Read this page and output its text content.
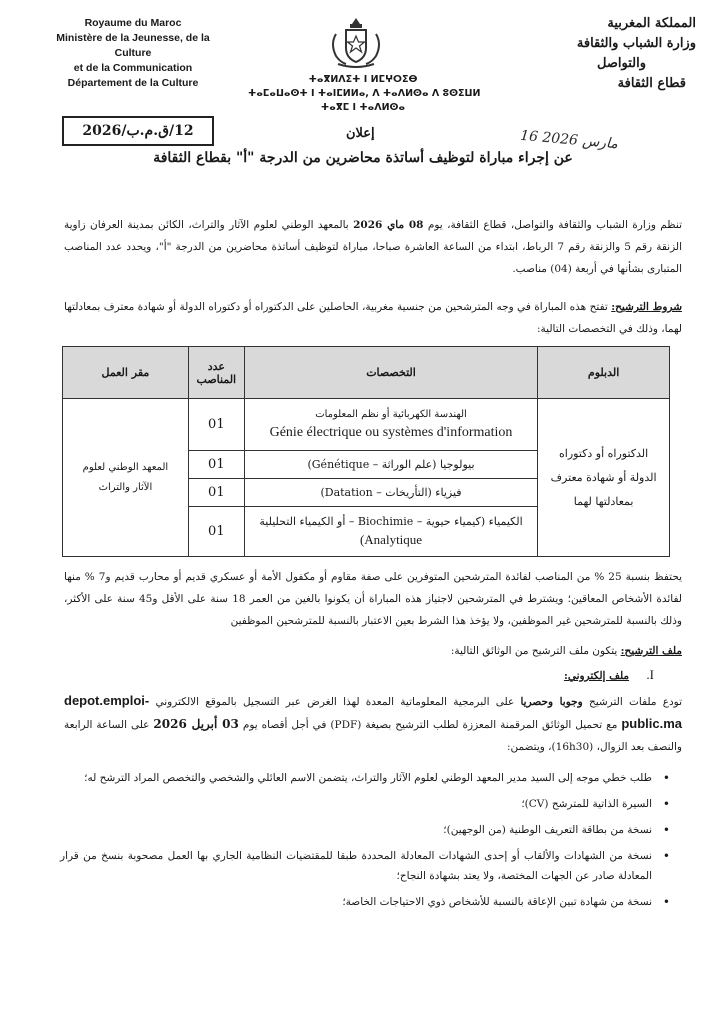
Royaume du Maroc
Ministère de la Jeunesse, de la Culture
et de la Communication
Département de la Culture	ⵜⴰⴳⵍⴷⵉⵜ ⵏ ⵍⵎⵖⵔⵉⴱ
ⵜⴰⵎⴰⵡⴰⵙⵜ ⵏ ⵜⴰⵏⵎⵍⵍⴰ, ⴷ ⵜⴰⴷⵍⵙⴰ ⴷ ⵓⵙⵉⵡⵍ
ⵜⴰⴳⵎ ⵏ ⵜⴰⴷⵍⵙⴰ
المملكة المغربية
وزارة الشباب والثقافة
والتواصل
قطاع الثقافة
12/ق.م.ب/2026	إعلان	16 مارس 2026
عن إجراء مباراة لتوظيف أساتذة محاضرين من الدرجة "أ" بقطاع الثقافة
تنظم وزارة الشباب والثقافة والتواصل، قطاع الثقافة، يوم 08 ماي 2026 بالمعهد الوطني لعلوم الآثار والتراث، الكائن بمدينة العرفان زاوية الزنقة رقم 5 والزنقة رقم 7 الرباط، ابتداء من الساعة العاشرة صباحا، مباراة لتوظيف أساتذة محاضرين من الدرجة "أ"، ويحدد عدد المناصب المتبارى بشأنها في أربعة (04) مناصب.
شروط الترشيح: تفتح هذه المباراة في وجه المترشحين من جنسية مغربية، الحاصلين على الدكتوراه أو دكتوراه الدولة أو شهادة معترف بمعادلتها لهما، وذلك في التخصصات التالية:
الدبلوم	التخصصات	عدد المناصب	مقر العمل
الدكتوراه أو دكتوراه الدولة أو شهادة معترف بمعادلتها لهما	الهندسة الكهربائية أو نظم المعلومات
Génie électrique ou systèmes d'information	01	المعهد الوطني لعلوم الآثار والتراث

	بيولوجيا (علم الوراثة – Génétique)	01	

	فيزياء (التأريخات – Datation)	01	

	الكيمياء (كيمياء حيوية – Biochimie – أو الكيمياء التحليلية
Analytique)	01	
يحتفظ بنسبة 25 % من المناصب لفائدة المترشحين المتوفرين على صفة مقاوم أو مكفول الأمة أو عسكري قديم أو محارب قديم و7 % منها لفائدة الأشخاص المعاقين؛ ويشترط في المترشحين لاجتياز هذه المباراة أن يكونوا بالغين من العمر 18 سنة على الأقل و45 سنة على الأكثر، وذلك بالنسبة للمترشحين غير الموظفين، ولا يؤخذ هذا الشرط بعين الاعتبار بالنسبة للمترشحين الموظفين
ملف الترشيح: يتكون ملف الترشيح من الوثائق التالية:
I. ملف إلكتروني:
تودع ملفات الترشيح وجوبا وحصريا على البرمجية المعلوماتية المعدة لهذا الغرض عبر التسجيل بالموقع الالكتروني depot.emploi-public.ma مع تحميل الوثائق المرقمنة المعززة لطلب الترشيح بصيغة (PDF) في أجل أقصاه يوم 03 أبريل 2026 على الساعة الرابعة والنصف بعد الزوال، (16h30)، ويتضمن:
• طلب خطي موجه إلى السيد مدير المعهد الوطني لعلوم الآثار والتراث، يتضمن الاسم العائلي والشخصي والتخصص المراد الترشح له؛
• السيرة الذاتية للمترشح (CV)؛
• نسخة من بطاقة التعريف الوطنية (من الوجهين)؛
• نسخة من الشهادات والألقاب أو إحدى الشهادات المعادلة المحددة طبقا للمقتضيات النظامية الجاري بها العمل مصحوبة بنسخ من قرار المعادلة صادر عن الجهات المختصة، ولا يعتد بشهادة النجاح؛
• نسخة من شهادة تبين الإعاقة بالنسبة للأشخاص ذوي الاحتياجات الخاصة؛
